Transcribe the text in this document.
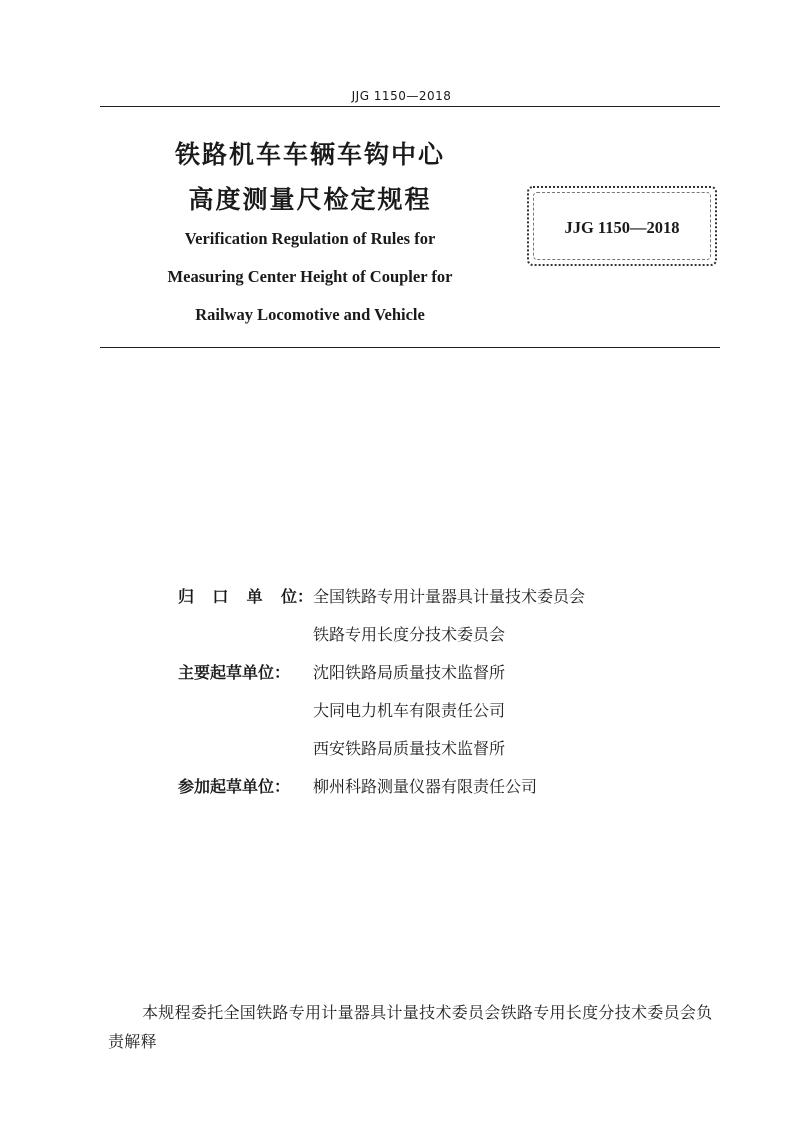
JJG 1150—2018
铁路机车车辆车钩中心
高度测量尺检定规程
Verification Regulation of Rules for
Measuring Center Height of Coupler for
Railway Locomotive and Vehicle
JJG 1150—2018
归 口 单 位： 全国铁路专用计量器具计量技术委员会
铁路专用长度分技术委员会
主要起草单位：	沈阳铁路局质量技术监督所
大同电力机车有限责任公司
西安铁路局质量技术监督所
参加起草单位：	柳州科路测量仪器有限责任公司
本规程委托全国铁路专用计量器具计量技术委员会铁路专用长度分技术委员会负责解释
